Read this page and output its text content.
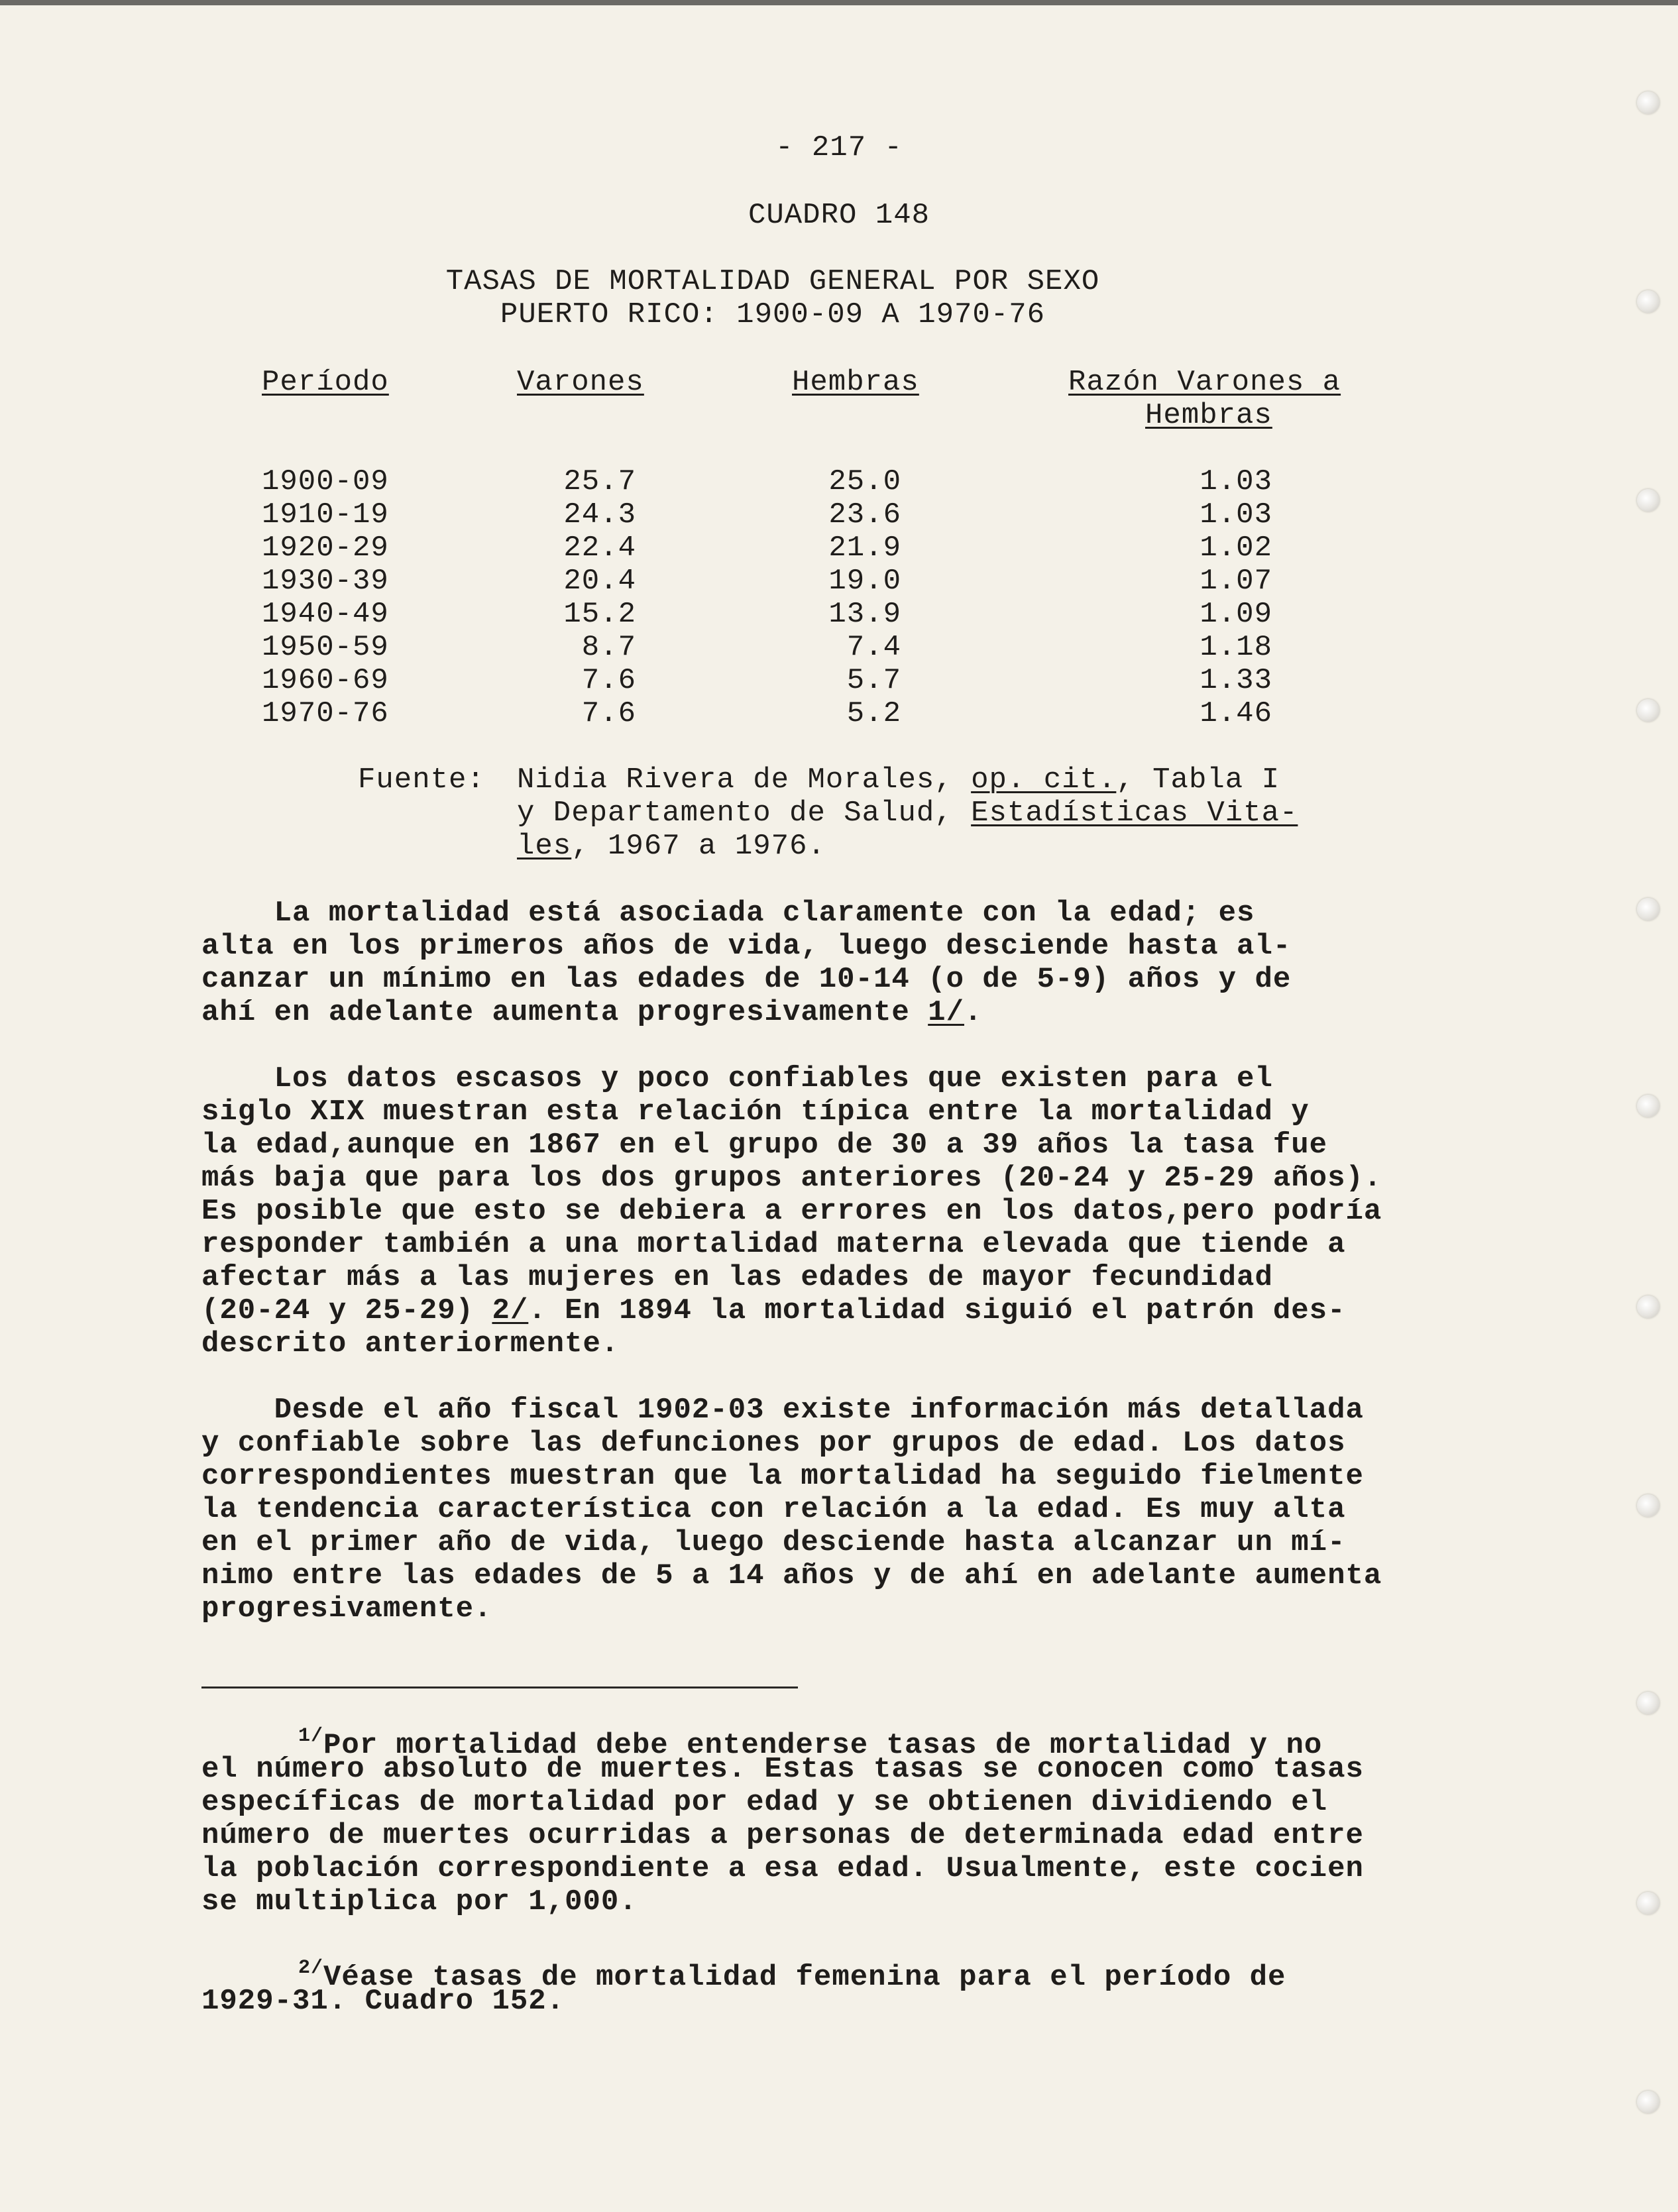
- 217 -
CUADRO 148
TASAS DE MORTALIDAD GENERAL POR SEXO
PUERTO RICO: 1900-09 A 1970-76
Período	Varones	Hembras	Razón Varones a
Hembras
1900-09	25.7	25.0	1.03
1910-19	24.3	23.6	1.03
1920-29	22.4	21.9	1.02
1930-39	20.4	19.0	1.07
1940-49	15.2	13.9	1.09
1950-59	8.7	7.4	1.18
1960-69	7.6	5.7	1.33
1970-76	7.6	5.2	1.46
Fuente: Nidia Rivera de Morales, op. cit., Tabla I
y Departamento de Salud, Estadísticas Vita-
les, 1967 a 1976.
La mortalidad está asociada claramente con la edad; es
alta en los primeros años de vida, luego desciende hasta al-
canzar un mínimo en las edades de 10-14 (o de 5-9) años y de
ahí en adelante aumenta progresivamente 1/.
Los datos escasos y poco confiables que existen para el
siglo XIX muestran esta relación típica entre la mortalidad y
la edad,aunque en 1867 en el grupo de 30 a 39 años la tasa fue
más baja que para los dos grupos anteriores (20-24 y 25-29 años).
Es posible que esto se debiera a errores en los datos,pero podría
responder también a una mortalidad materna elevada que tiende a
afectar más a las mujeres en las edades de mayor fecundidad
(20-24 y 25-29) 2/. En 1894 la mortalidad siguió el patrón des-
descrito anteriormente.
Desde el año fiscal 1902-03 existe información más detallada
y confiable sobre las defunciones por grupos de edad. Los datos
correspondientes muestran que la mortalidad ha seguido fielmente
la tendencia característica con relación a la edad. Es muy alta
en el primer año de vida, luego desciende hasta alcanzar un mí-
nimo entre las edades de 5 a 14 años y de ahí en adelante aumenta
progresivamente.
$^{1/}$Por mortalidad debe entenderse tasas de mortalidad y no
el número absoluto de muertes. Estas tasas se conocen como tasas
específicas de mortalidad por edad y se obtienen dividiendo el
número de muertes ocurridas a personas de determinada edad entre
la población correspondiente a esa edad. Usualmente, este cocien
se multiplica por 1,000.
$^{2/}$Véase tasas de mortalidad femenina para el período de
1929-31. Cuadro 152.
